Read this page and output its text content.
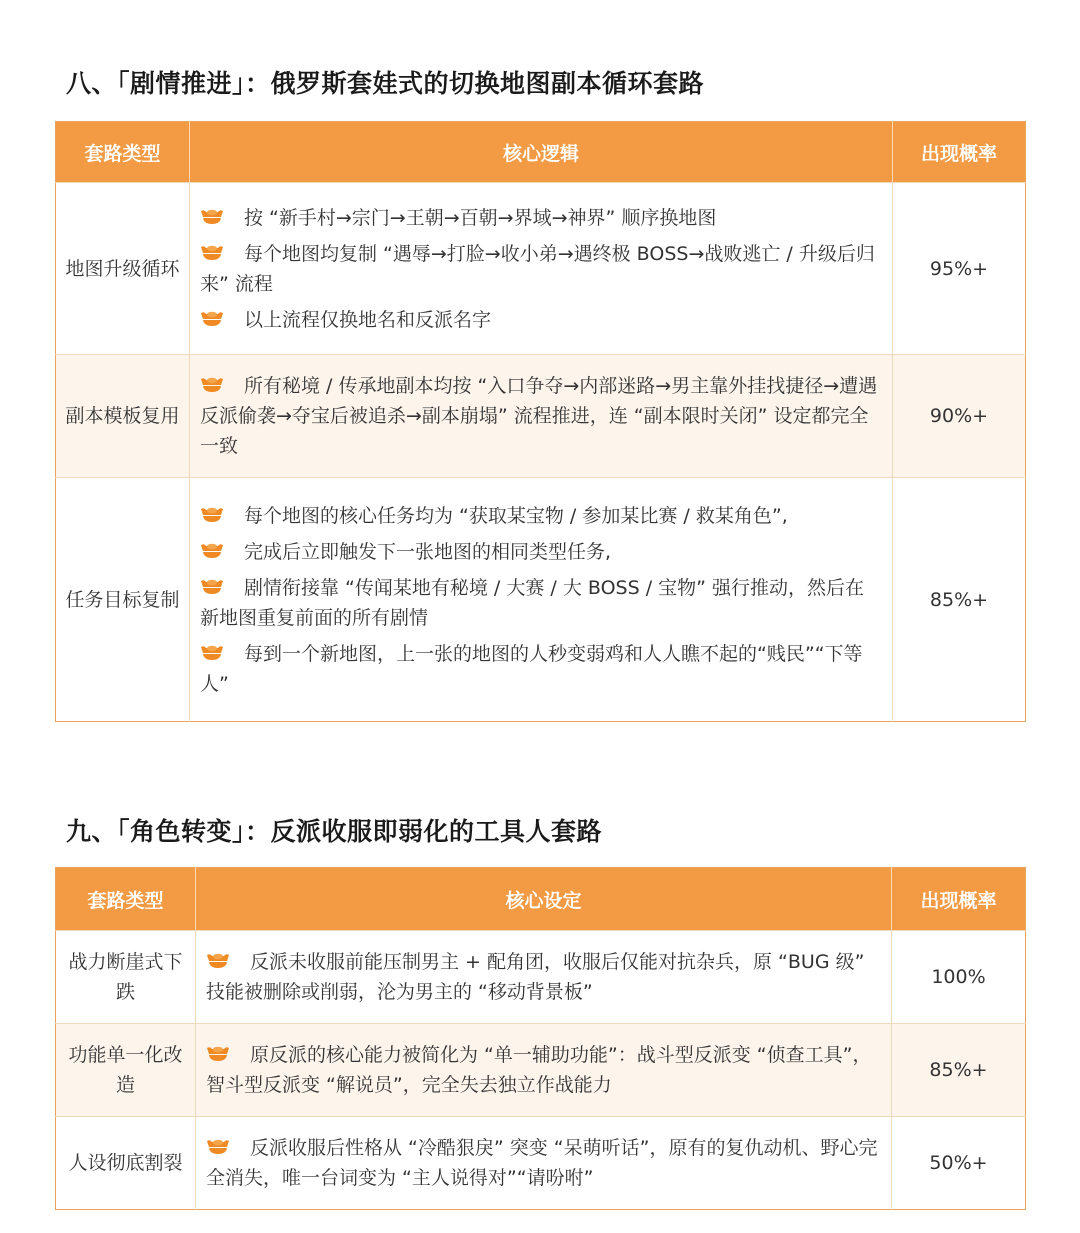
八、「剧情推进」：俄罗斯套娃式的切换地图副本循环套路
套路类型	核心逻辑	出现概率
地图升级循环	按 “新手村→宗门→王朝→百朝→界域→神界” 顺序换地图
每个地图均复制 “遇辱→打脸→收小弟→遇终极 BOSS→战败逃亡 / 升级后归来” 流程
以上流程仅换地名和反派名字	95%+
副本模板复用	所有秘境 / 传承地副本均按 “入口争夺→内部迷路→男主靠外挂找捷径→遭遇反派偷袭→夺宝后被追杀→副本崩塌” 流程推进，连 “副本限时关闭” 设定都完全一致	90%+
任务目标复制	每个地图的核心任务均为 “获取某宝物 / 参加某比赛 / 救某角色”,
完成后立即触发下一张地图的相同类型任务,
剧情衔接靠 “传闻某地有秘境 / 大赛 / 大 BOSS / 宝物” 强行推动，然后在新地图重复前面的所有剧情
每到一个新地图，上一张的地图的人秒变弱鸡和人人瞧不起的“贱民”“下等人”	85%+
九、「角色转变」：反派收服即弱化的工具人套路
套路类型	核心设定	出现概率
战力断崖式下跌	反派未收服前能压制男主 + 配角团，收服后仅能对抗杂兵，原 “BUG 级” 技能被删除或削弱，沦为男主的 “移动背景板”	100%
功能单一化改造	原反派的核心能力被简化为 “单一辅助功能”：战斗型反派变 “侦查工具”，智斗型反派变 “解说员”，完全失去独立作战能力	85%+
人设彻底割裂	反派收服后性格从 “冷酷狠戾” 突变 “呆萌听话”，原有的复仇动机、野心完全消失，唯一台词变为 “主人说得对”“请吩咐”	50%+
